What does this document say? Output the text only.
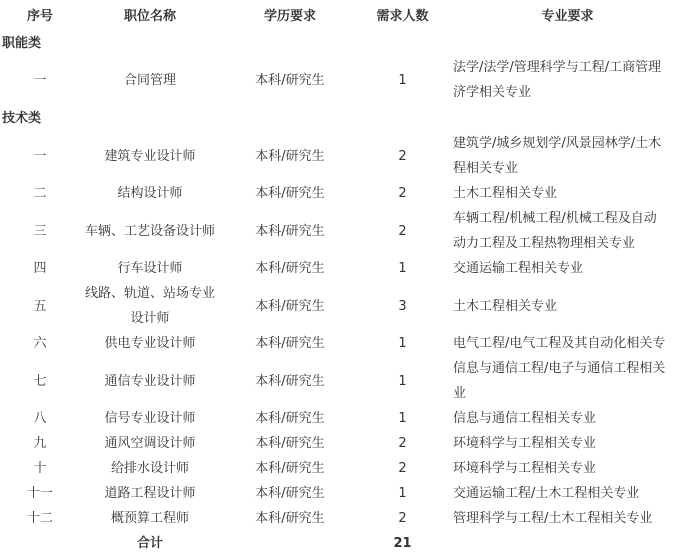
序号	职位名称	学历要求	需求人数	专业要求
职能类				
一	合同管理	本科/研究生	1	法学/法学/管理科学与工程/工商管理
济学相关专业

技术类				
一	建筑专业设计师	本科/研究生	2	建筑学/城乡规划学/风景园林学/土木
程相关专业

二	结构设计师	本科/研究生	2	土木工程相关专业
三	车辆、工艺设备设计师	本科/研究生	2	车辆工程/机械工程/机械工程及自动
动力工程及工程热物理相关专业

四	行车设计师	本科/研究生	1	交通运输工程相关专业
五	线路、轨道、站场专业
设计师	本科/研究生	3	土木工程相关专业
六	供电专业设计师	本科/研究生	1	电气工程/电气工程及其自动化相关专
七	通信专业设计师	本科/研究生	1	信息与通信工程/电子与通信工程相关
业

八	信号专业设计师	本科/研究生	1	信息与通信工程相关专业
九	通风空调设计师	本科/研究生	2	环境科学与工程相关专业
十	给排水设计师	本科/研究生	2	环境科学与工程相关专业
十一	道路工程设计师	本科/研究生	1	交通运输工程/土木工程相关专业
十二	概预算工程师	本科/研究生	2	管理科学与工程/土木工程相关专业
	合计		21	
